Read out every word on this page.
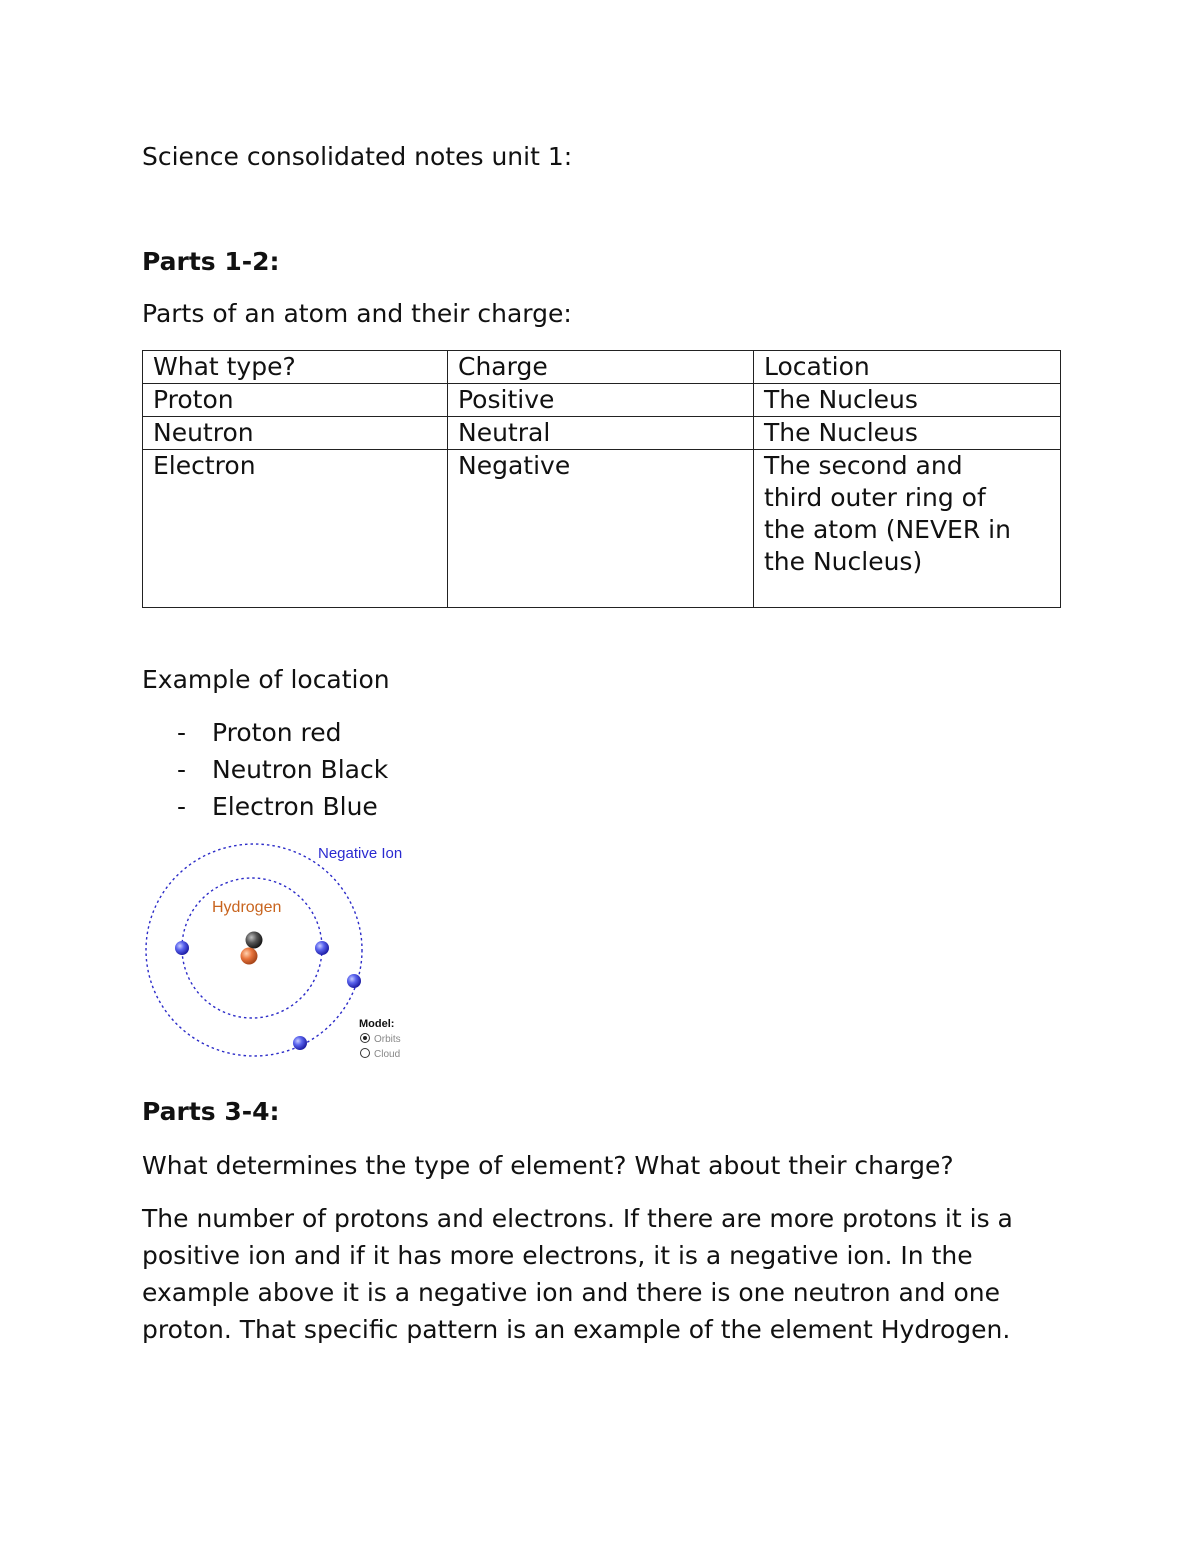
Science consolidated notes unit 1:
Parts 1-2:
Parts of an atom and their charge:
What type?	Charge	Location
Proton	Positive	The Nucleus
Neutron	Neutral	The Nucleus
Electron	Negative	The second and third outer ring of the atom (NEVER in the Nucleus)
Example of location
- Proton red
- Neutron Black
- Electron Blue
Negative Ion
Hydrogen
Model:
Orbits
Cloud
Parts 3-4:
What determines the type of element? What about their charge?
The number of protons and electrons. If there are more protons it is a positive ion and if it has more electrons, it is a negative ion. In the example above it is a negative ion and there is one neutron and one proton. That specific pattern is an example of the element Hydrogen.
